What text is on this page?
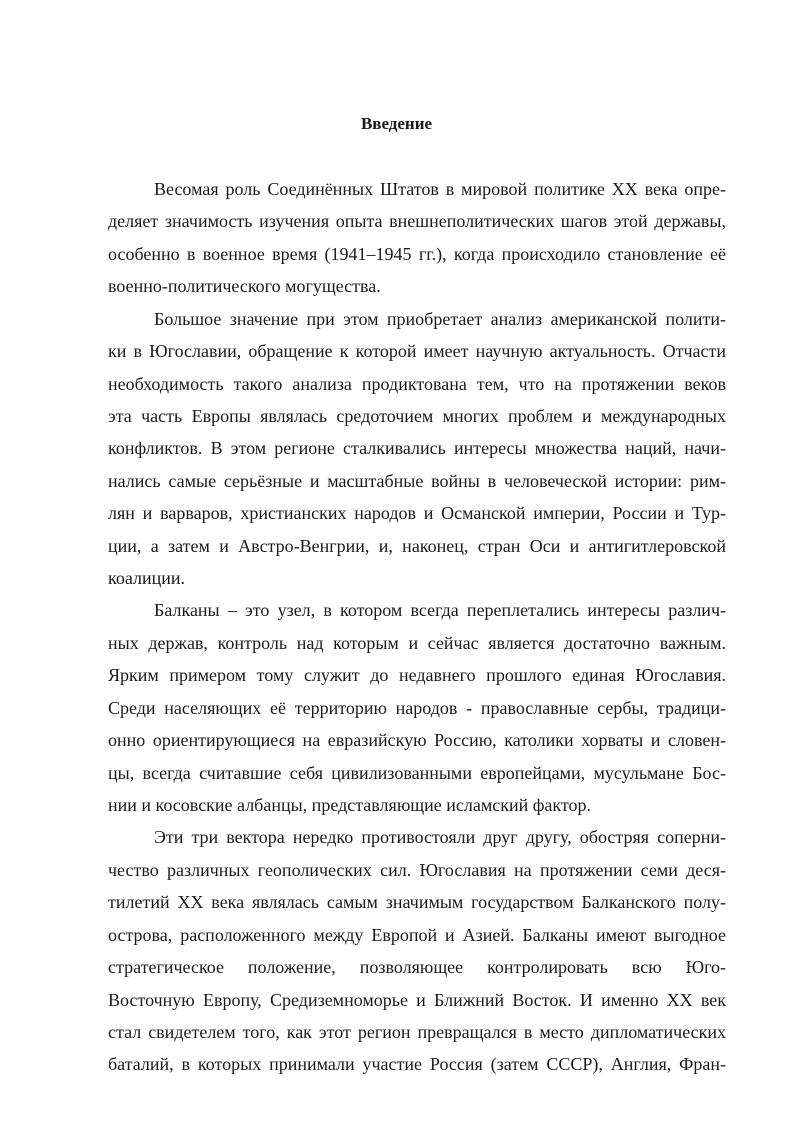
Введение
Весомая роль Соединённых Штатов в мировой политике XX века опре-
деляет значимость изучения опыта внешнеполитических шагов этой державы,
особенно в военное время (1941–1945 гг.), когда происходило становление её
военно-политического могущества.
Большое значение при этом приобретает анализ американской полити-
ки в Югославии, обращение к которой имеет научную актуальность. Отчасти
необходимость такого анализа продиктована тем, что на протяжении веков
эта часть Европы являлась средоточием многих проблем и международных
конфликтов. В этом регионе сталкивались интересы множества наций, начи-
нались самые серьёзные и масштабные войны в человеческой истории: рим-
лян и варваров, христианских народов и Османской империи, России и Тур-
ции, а затем и Австро-Венгрии, и, наконец, стран Оси и антигитлеровской
коалиции.
Балканы – это узел, в котором всегда переплетались интересы различ-
ных держав, контроль над которым и сейчас является достаточно важным.
Ярким примером тому служит до недавнего прошлого единая Югославия.
Среди населяющих её территорию народов - православные сербы, традици-
онно ориентирующиеся на евразийскую Россию, католики хорваты и словен-
цы, всегда считавшие себя цивилизованными европейцами, мусульмане Бос-
нии и косовские албанцы, представляющие исламский фактор.
Эти три вектора нередко противостояли друг другу, обостряя соперни-
чество различных геополических сил. Югославия на протяжении семи деся-
тилетий XX века являлась самым значимым государством Балканского полу-
острова, расположенного между Европой и Азией. Балканы имеют выгодное
стратегическое положение, позволяющее контролировать всю Юго-
Восточную Европу, Средиземноморье и Ближний Восток. И именно XX век
стал свидетелем того, как этот регион превращался в место дипломатических
баталий, в которых принимали участие Россия (затем СССР), Англия, Фран-
